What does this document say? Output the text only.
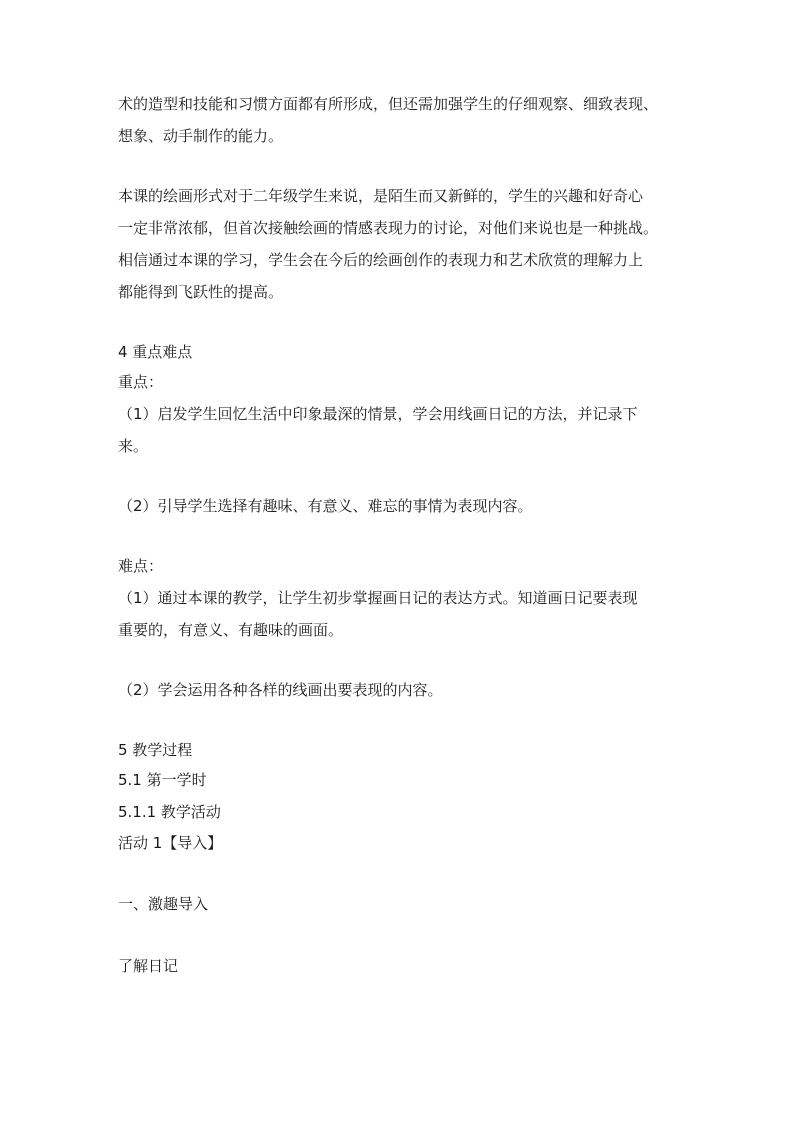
术的造型和技能和习惯方面都有所形成，但还需加强学生的仔细观察、细致表现、

想象、动手制作的能力。

本课的绘画形式对于二年级学生来说，是陌生而又新鲜的，学生的兴趣和好奇心

一定非常浓郁，但首次接触绘画的情感表现力的讨论，对他们来说也是一种挑战。

相信通过本课的学习，学生会在今后的绘画创作的表现力和艺术欣赏的理解力上

都能得到飞跃性的提高。

4 重点难点

重点：

（1）启发学生回忆生活中印象最深的情景，学会用线画日记的方法，并记录下

来。

（2）引导学生选择有趣味、有意义、难忘的事情为表现内容。

难点：

（1）通过本课的教学，让学生初步掌握画日记的表达方式。知道画日记要表现

重要的，有意义、有趣味的画面。

（2）学会运用各种各样的线画出要表现的内容。

5 教学过程

5.1 第一学时

5.1.1 教学活动

活动 1【导入】

一、激趣导入

了解日记
